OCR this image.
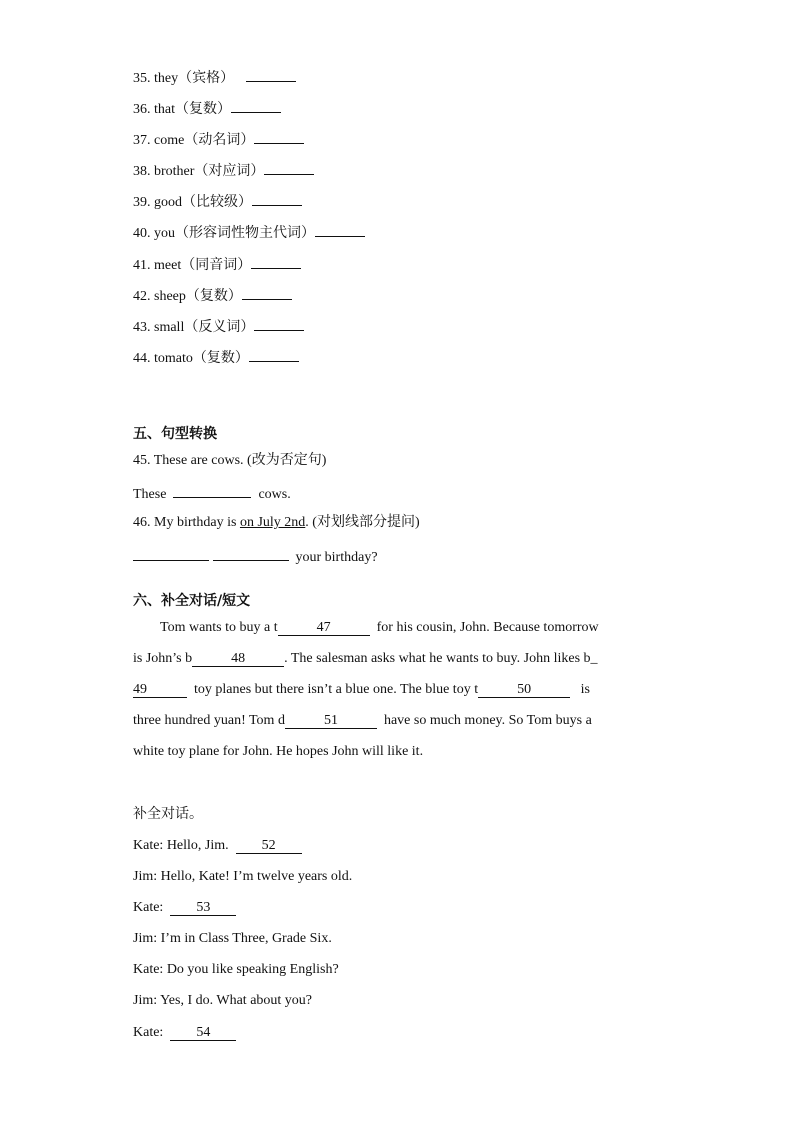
35. they（宾格）
36. that（复数）
37. come（动名词）
38. brother（对应词）
39. good（比较级）
40. you（形容词性物主代词）
41. meet（同音词）
42. sheep（复数）
43. small（反义词）
44. tomato（复数）
五、句型转换
45. These are cows. (改为否定句)
These	cows.
46. My birthday is on July 2nd. (对划线部分提问)
your birthday?
六、补全对话/短文
Tom wants to buy a t	47	for his cousin, John. Because tomorrow
is John’s b	48	. The salesman asks what he wants to buy. John likes b_
49	toy planes but there isn’t a blue one. The blue toy t	50	is
three hundred yuan! Tom d	51	have so much money. So Tom buys a
white toy plane for John. He hopes John will like it.
补全对话。
Kate: Hello, Jim. 52
Jim: Hello, Kate! I’m twelve years old.
Kate: 53
Jim: I’m in Class Three, Grade Six.
Kate: Do you like speaking English?
Jim: Yes, I do. What about you?
Kate: 54
